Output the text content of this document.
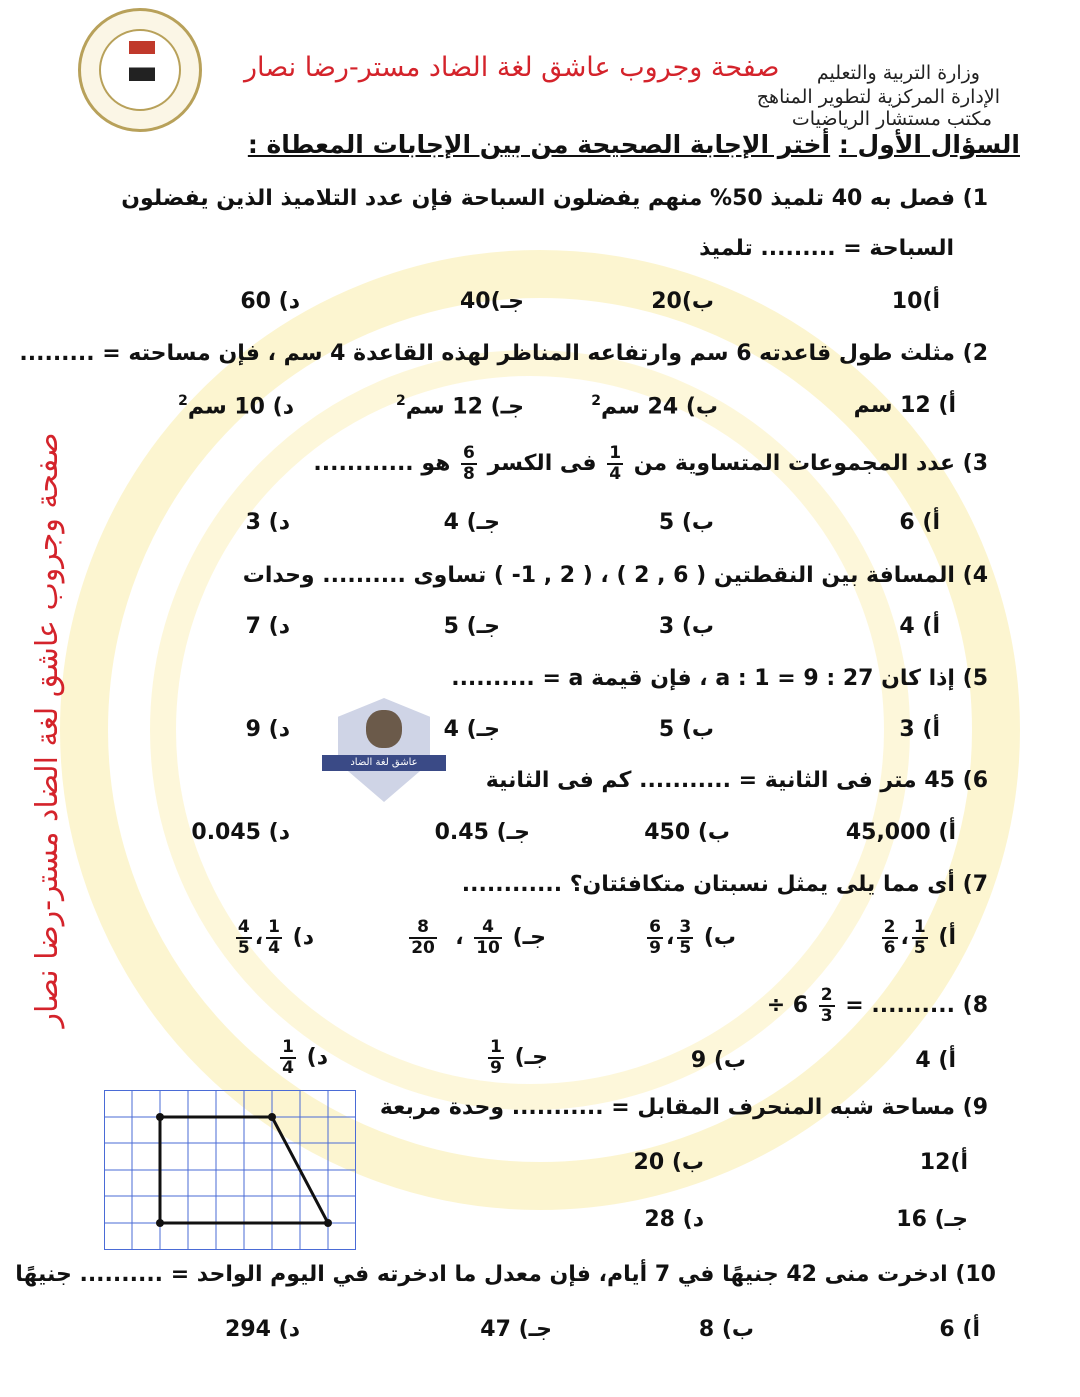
صفحة وجروب عاشق لغة الضاد مستر-رضا نصار وزارة التربية والتعليم
الإدارة المركزية لتطوير المناهج
مكتب مستشار الرياضيات
صفحة وجروب عاشق لغة الضاد مستر-رضا نصار	عاشق لغة الضاد
السؤال الأول : أختر الإجابة الصحيحة من بين الإجابات المعطاة :
1) فصل به 40 تلميذ 50% منهم يفضلون السباحة فإن عدد التلاميذ الذين يفضلون
السباحة = ......... تلميذ
أ)10
ب)20
جـ)40
د) 60
2) مثلث طول قاعدته 6 سم وارتفاعه المناظر لهذه القاعدة 4 سم ، فإن مساحته = .........
أ) 12 سم
ب) 24 سم$^2$
جـ) 12 سم$^2$
د) 10 سم$^2$
3) عدد المجموعات المتساوية من
$\frac{1}{4}$
فى الكسر
$\frac{6}{8}$
هو ............
أ) 6
ب) 5
جـ) 4
د) 3
4) المسافة بين النقطتين ( 6 , 2 ) ، ( 2 , 1- ) تساوى .......... وحدات
أ) 4
ب) 3
جـ) 5
د) 7
5) إذا كان 27 : 9 = a : 1 ، فإن قيمة a = ..........
أ) 3
ب) 5
جـ) 4
د) 9
6) 45 متر فى الثانية = ........... كم فى الثانية
أ) 45,000
ب) 450
جـ) 0.45
د) 0.045
7) أى مما يلى يمثل نسبتان متكافئتان؟ ............
أ)
$\frac{1}{5}$
،
$\frac{2}{6}$
ب)
$\frac{3}{5}$
،
$\frac{6}{9}$
جـ)
$\frac{4}{10}$
،
$\frac{8}{20}$
د)
$\frac{1}{4}$
،
$\frac{4}{5}$
8) .......... =
$\frac{2}{3}$
6 ÷
أ) 4
ب) 9
جـ)
$\frac{1}{9}$
د)
$\frac{1}{4}$
9) مساحة شبه المنحرف المقابل = ........... وحدة مربعة
أ)12
ب) 20
جـ) 16
د) 28
10) ادخرت منى 42 جنيهًا في 7 أيام، فإن معدل ما ادخرته في اليوم الواحد = .......... جنيهًا
أ) 6
ب) 8
جـ) 47
د) 294
